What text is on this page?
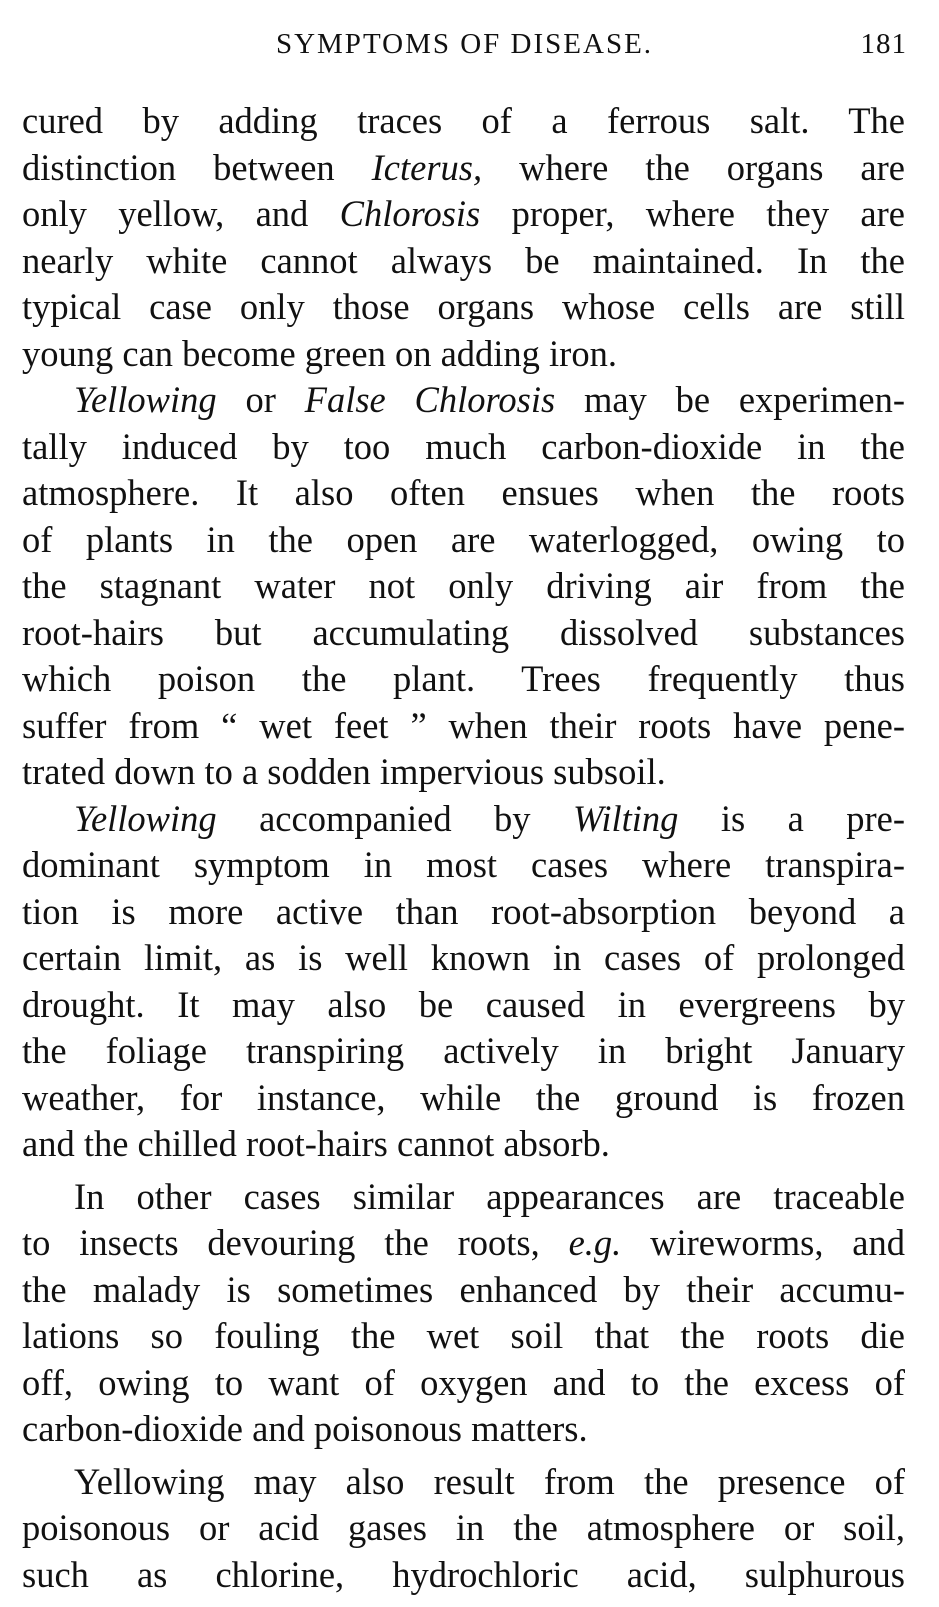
SYMPTOMS OF DISEASE.	181
cured by adding traces of a ferrous salt. The
distinction between Icterus, where the organs are
only yellow, and Chlorosis proper, where they are
nearly white cannot always be maintained. In the
typical case only those organs whose cells are still
young can become green on adding iron.
Yellowing or False Chlorosis may be experimen-
tally induced by too much carbon-dioxide in the
atmosphere. It also often ensues when the roots
of plants in the open are waterlogged, owing to
the stagnant water not only driving air from the
root-hairs but accumulating dissolved substances
which poison the plant. Trees frequently thus
suffer from “ wet feet ” when their roots have pene-
trated down to a sodden impervious subsoil.
Yellowing accompanied by Wilting is a pre-
dominant symptom in most cases where transpira-
tion is more active than root-absorption beyond a
certain limit, as is well known in cases of prolonged
drought. It may also be caused in evergreens by
the foliage transpiring actively in bright January
weather, for instance, while the ground is frozen
and the chilled root-hairs cannot absorb.
In other cases similar appearances are traceable
to insects devouring the roots, e.g. wireworms, and
the malady is sometimes enhanced by their accumu-
lations so fouling the wet soil that the roots die
off, owing to want of oxygen and to the excess of
carbon-dioxide and poisonous matters.
Yellowing may also result from the presence of
poisonous or acid gases in the atmosphere or soil,
such as chlorine, hydrochloric acid, sulphurous
